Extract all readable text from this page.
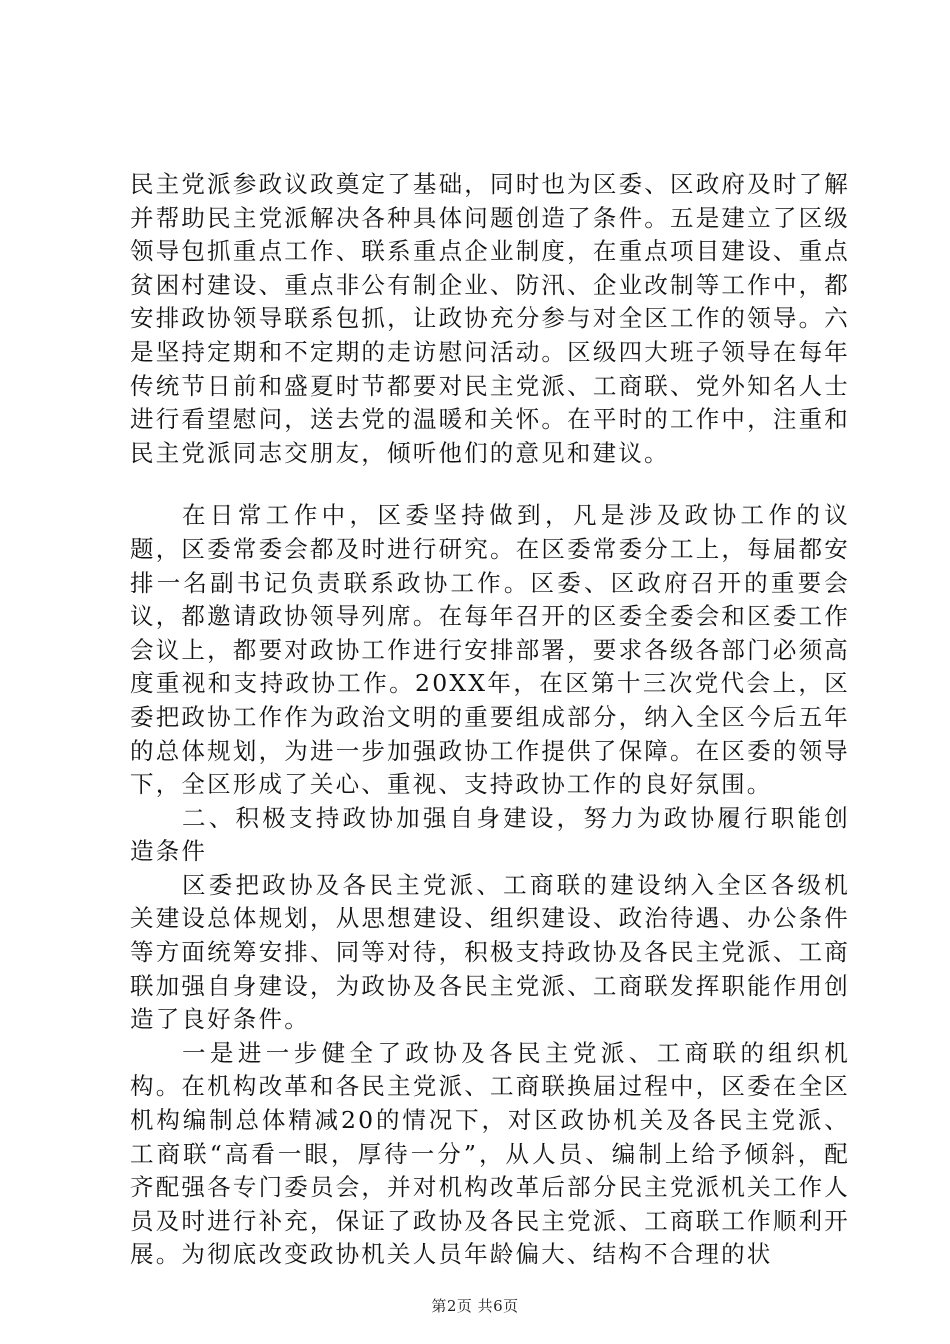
民主党派参政议政奠定了基础，同时也为区委、区政府及时了解并帮助民主党派解决各种具体问题创造了条件。五是建立了区级领导包抓重点工作、联系重点企业制度，在重点项目建设、重点贫困村建设、重点非公有制企业、防汛、企业改制等工作中，都安排政协领导联系包抓，让政协充分参与对全区工作的领导。六是坚持定期和不定期的走访慰问活动。区级四大班子领导在每年传统节日前和盛夏时节都要对民主党派、工商联、党外知名人士进行看望慰问，送去党的温暖和关怀。在平时的工作中，注重和民主党派同志交朋友，倾听他们的意见和建议。

在日常工作中，区委坚持做到，凡是涉及政协工作的议题，区委常委会都及时进行研究。在区委常委分工上，每届都安排一名副书记负责联系政协工作。区委、区政府召开的重要会议，都邀请政协领导列席。在每年召开的区委全委会和区委工作会议上，都要对政协工作进行安排部署，要求各级各部门必须高度重视和支持政协工作。20XX年，在区第十三次党代会上，区委把政协工作作为政治文明的重要组成部分，纳入全区今后五年的总体规划，为进一步加强政协工作提供了保障。在区委的领导下，全区形成了关心、重视、支持政协工作的良好氛围。

二、积极支持政协加强自身建设，努力为政协履行职能创造条件

区委把政协及各民主党派、工商联的建设纳入全区各级机关建设总体规划，从思想建设、组织建设、政治待遇、办公条件等方面统筹安排、同等对待，积极支持政协及各民主党派、工商联加强自身建设，为政协及各民主党派、工商联发挥职能作用创造了良好条件。

一是进一步健全了政协及各民主党派、工商联的组织机构。在机构改革和各民主党派、工商联换届过程中，区委在全区机构编制总体精减20的情况下，对区政协机关及各民主党派、工商联“高看一眼，厚待一分”，从人员、编制上给予倾斜，配齐配强各专门委员会，并对机构改革后部分民主党派机关工作人员及时进行补充，保证了政协及各民主党派、工商联工作顺利开展。为彻底改变政协机关人员年龄偏大、结构不合理的状

第2页 共6页
